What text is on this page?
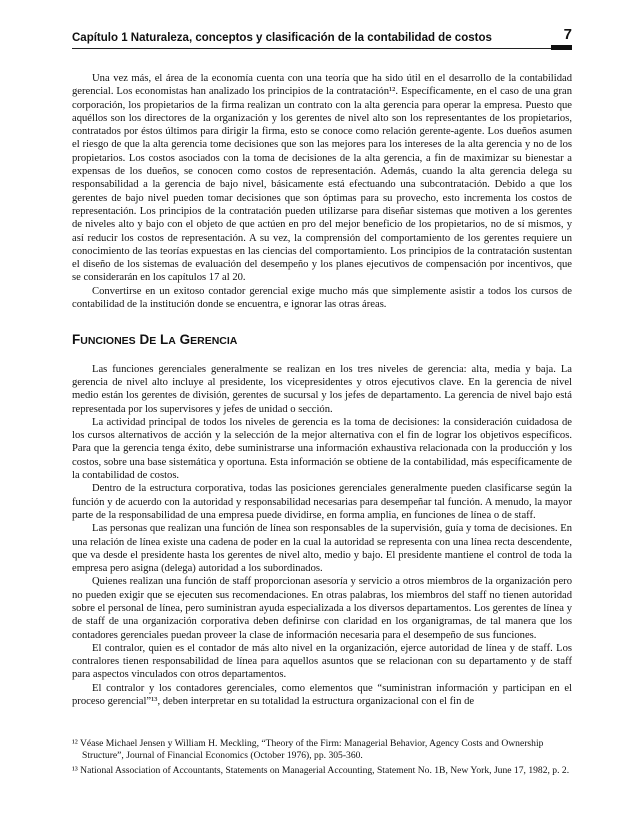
Capítulo 1 Naturaleza, conceptos y clasificación de la contabilidad de costos	7

Una vez más, el área de la economía cuenta con una teoría que ha sido útil en el desarrollo de la contabilidad gerencial. Los economistas han analizado los principios de la contratación¹². Específicamente, en el caso de una gran corporación, los propietarios de la firma realizan un contrato con la alta gerencia para operar la empresa. Puesto que aquéllos son los directores de la organización y los gerentes de nivel alto son los representantes de los propietarios, contratados por éstos últimos para dirigir la firma, esto se conoce como relación gerente-agente. Los dueños asumen el riesgo de que la alta gerencia tome decisiones que son las mejores para los intereses de la alta gerencia y no de los propietarios. Los costos asociados con la toma de decisiones de la alta gerencia, a fin de maximizar su bienestar a expensas de los dueños, se conocen como costos de representación. Además, cuando la alta gerencia delega su responsabilidad a la gerencia de bajo nivel, básicamente está efectuando una subcontratación. Debido a que los gerentes de bajo nivel pueden tomar decisiones que son óptimas para su provecho, esto incrementa los costos de representación. Los principios de la contratación pueden utilizarse para diseñar sistemas que motiven a los gerentes de niveles alto y bajo con el objeto de que actúen en pro del mejor beneficio de los propietarios, no de sí mismos, y así reducir los costos de representación. A su vez, la comprensión del comportamiento de los gerentes requiere un conocimiento de las teorías expuestas en las ciencias del comportamiento. Los principios de la contratación sustentan el diseño de los sistemas de evaluación del desempeño y los planes ejecutivos de compensación por incentivos, que se considerarán en los capítulos 17 al 20.

Convertirse en un exitoso contador gerencial exige mucho más que simplemente asistir a todos los cursos de contabilidad de la institución donde se encuentra, e ignorar las otras áreas.

FUNCIONES DE LA GERENCIA

Las funciones gerenciales generalmente se realizan en los tres niveles de gerencia: alta, media y baja. La gerencia de nivel alto incluye al presidente, los vicepresidentes y otros ejecutivos clave. En la gerencia de nivel medio están los gerentes de división, gerentes de sucursal y los jefes de departamento. La gerencia de nivel bajo está representada por los supervisores y jefes de unidad o sección.

La actividad principal de todos los niveles de gerencia es la toma de decisiones: la consideración cuidadosa de los cursos alternativos de acción y la selección de la mejor alternativa con el fin de lograr los objetivos específicos. Para que la gerencia tenga éxito, debe suministrarse una información exhaustiva relacionada con la producción y los costos, sobre una base sistemática y oportuna. Esta información se obtiene de la contabilidad, más específicamente de la contabilidad de costos.

Dentro de la estructura corporativa, todas las posiciones gerenciales generalmente pueden clasificarse según la función y de acuerdo con la autoridad y responsabilidad necesarias para desempeñar tal función. A menudo, la mayor parte de la responsabilidad de una empresa puede dividirse, en forma amplia, en funciones de línea o de staff.

Las personas que realizan una función de línea son responsables de la supervisión, guía y toma de decisiones. En una relación de línea existe una cadena de poder en la cual la autoridad se representa con una línea recta descendente, que va desde el presidente hasta los gerentes de nivel alto, medio y bajo. El presidente mantiene el control de toda la empresa pero asigna (delega) autoridad a los subordinados.

Quienes realizan una función de staff proporcionan asesoría y servicio a otros miembros de la organización pero no pueden exigir que se ejecuten sus recomendaciones. En otras palabras, los miembros del staff no tienen autoridad sobre el personal de línea, pero suministran ayuda especializada a los diversos departamentos. Los gerentes de línea y de staff de una organización corporativa deben definirse con claridad en los organigramas, de tal manera que los contadores gerenciales puedan proveer la clase de información necesaria para el desempeño de sus funciones.

El contralor, quien es el contador de más alto nivel en la organización, ejerce autoridad de línea y de staff. Los contralores tienen responsabilidad de línea para aquellos asuntos que se relacionan con su departamento y de staff para aspectos vinculados con otros departamentos.

El contralor y los contadores gerenciales, como elementos que “suministran información y participan en el proceso gerencial”¹³, deben interpretar en su totalidad la estructura organizacional con el fin de

¹² Véase Michael Jensen y William H. Meckling, “Theory of the Firm: Managerial Behavior, Agency Costs and Ownership Structure”, Journal of Financial Economics (October 1976), pp. 305-360.

¹³ National Association of Accountants, Statements on Managerial Accounting, Statement No. 1B, New York, June 17, 1982, p. 2.
